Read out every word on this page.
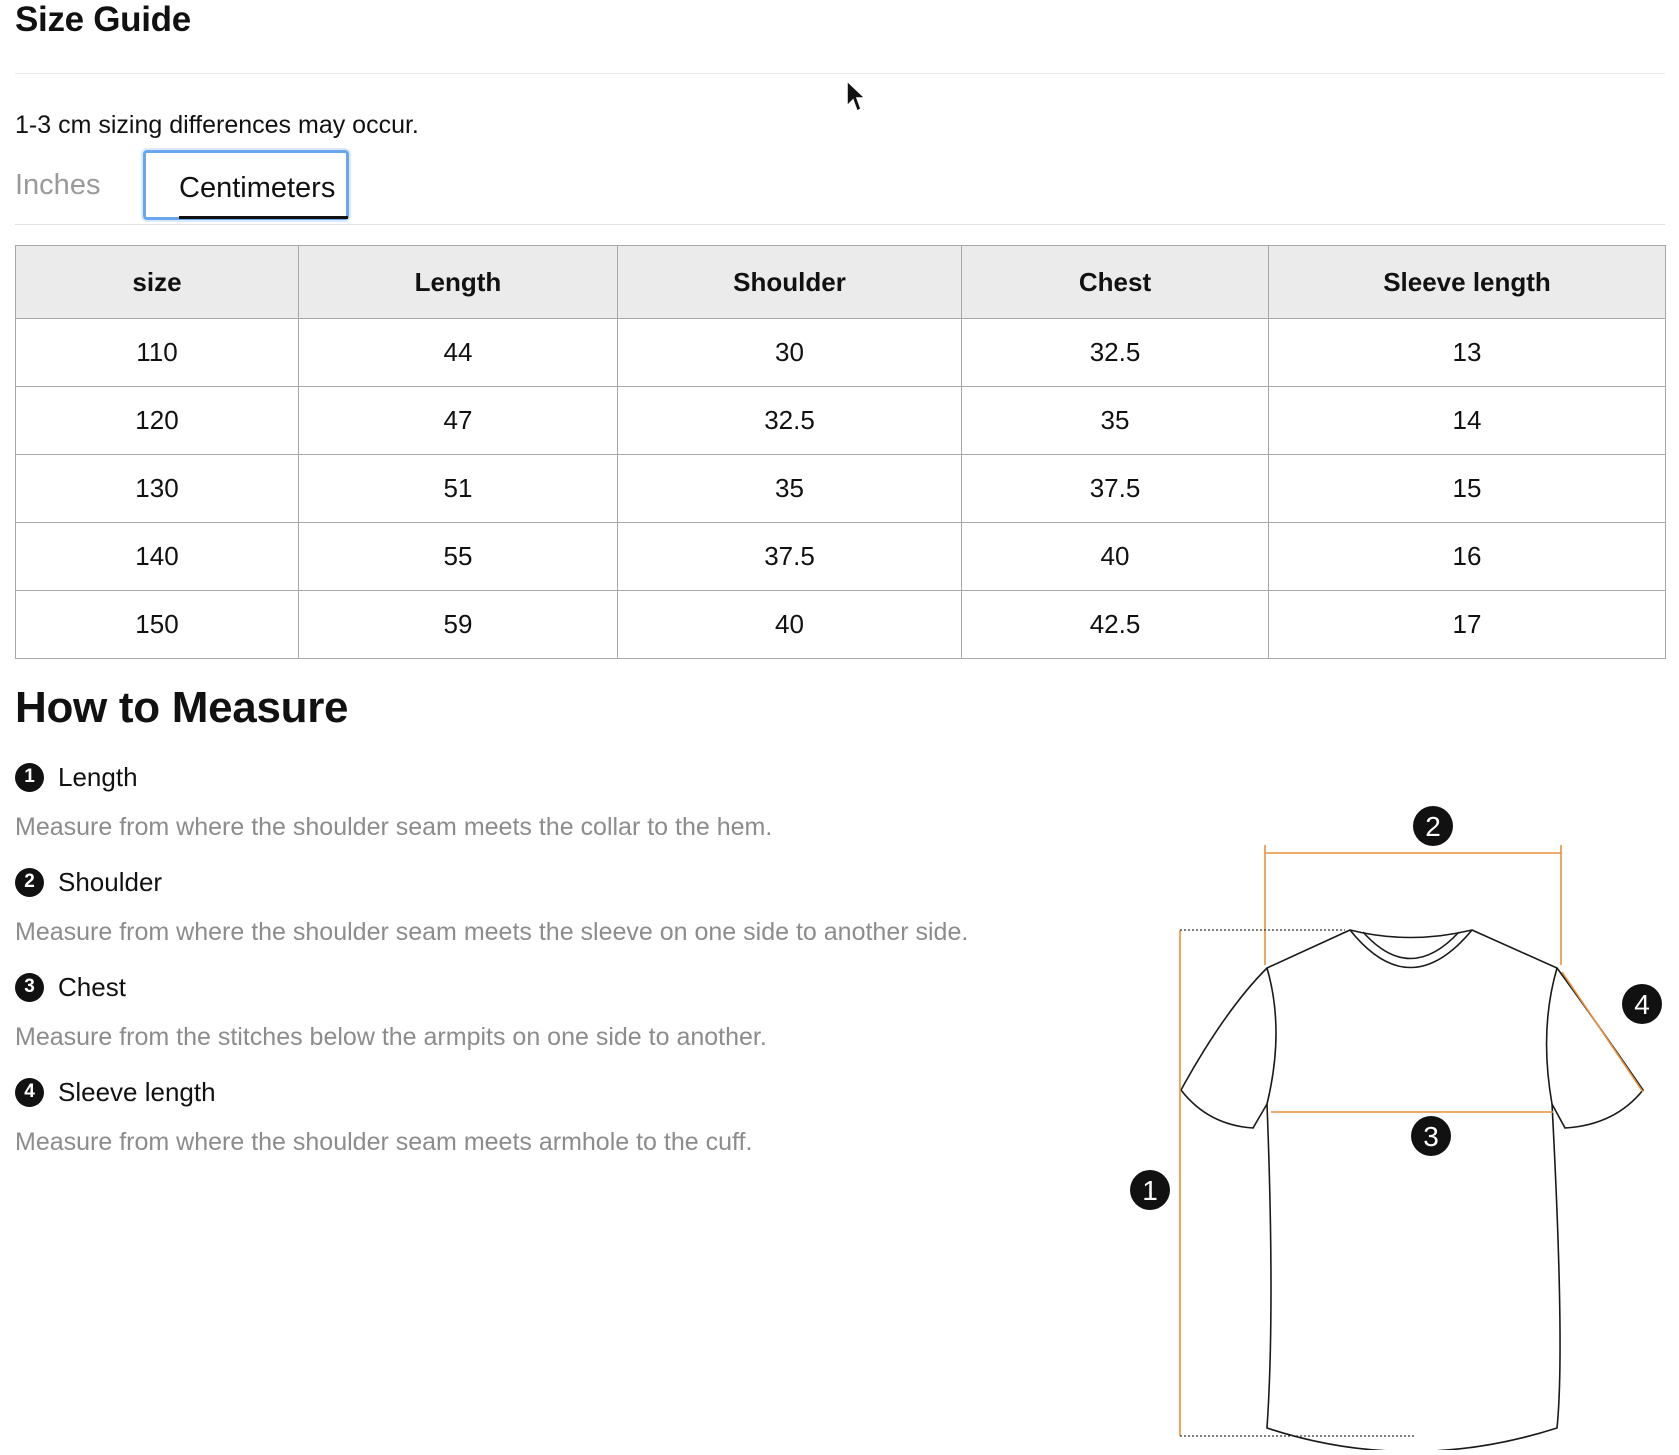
Size Guide
1-3 cm sizing differences may occur.
Inches	Centimeters
size	Length	Shoulder	Chest	Sleeve length
110	44	30	32.5	13
120	47	32.5	35	14
130	51	35	37.5	15
140	55	37.5	40	16
150	59	40	42.5	17
How to Measure
1 Length
Measure from where the shoulder seam meets the collar to the hem.
2 Shoulder
Measure from where the shoulder seam meets the sleeve on one side to another side.
3 Chest
Measure from the stitches below the armpits on one side to another.
4 Sleeve length
Measure from where the shoulder seam meets armhole to the cuff.
2
4
3
1
